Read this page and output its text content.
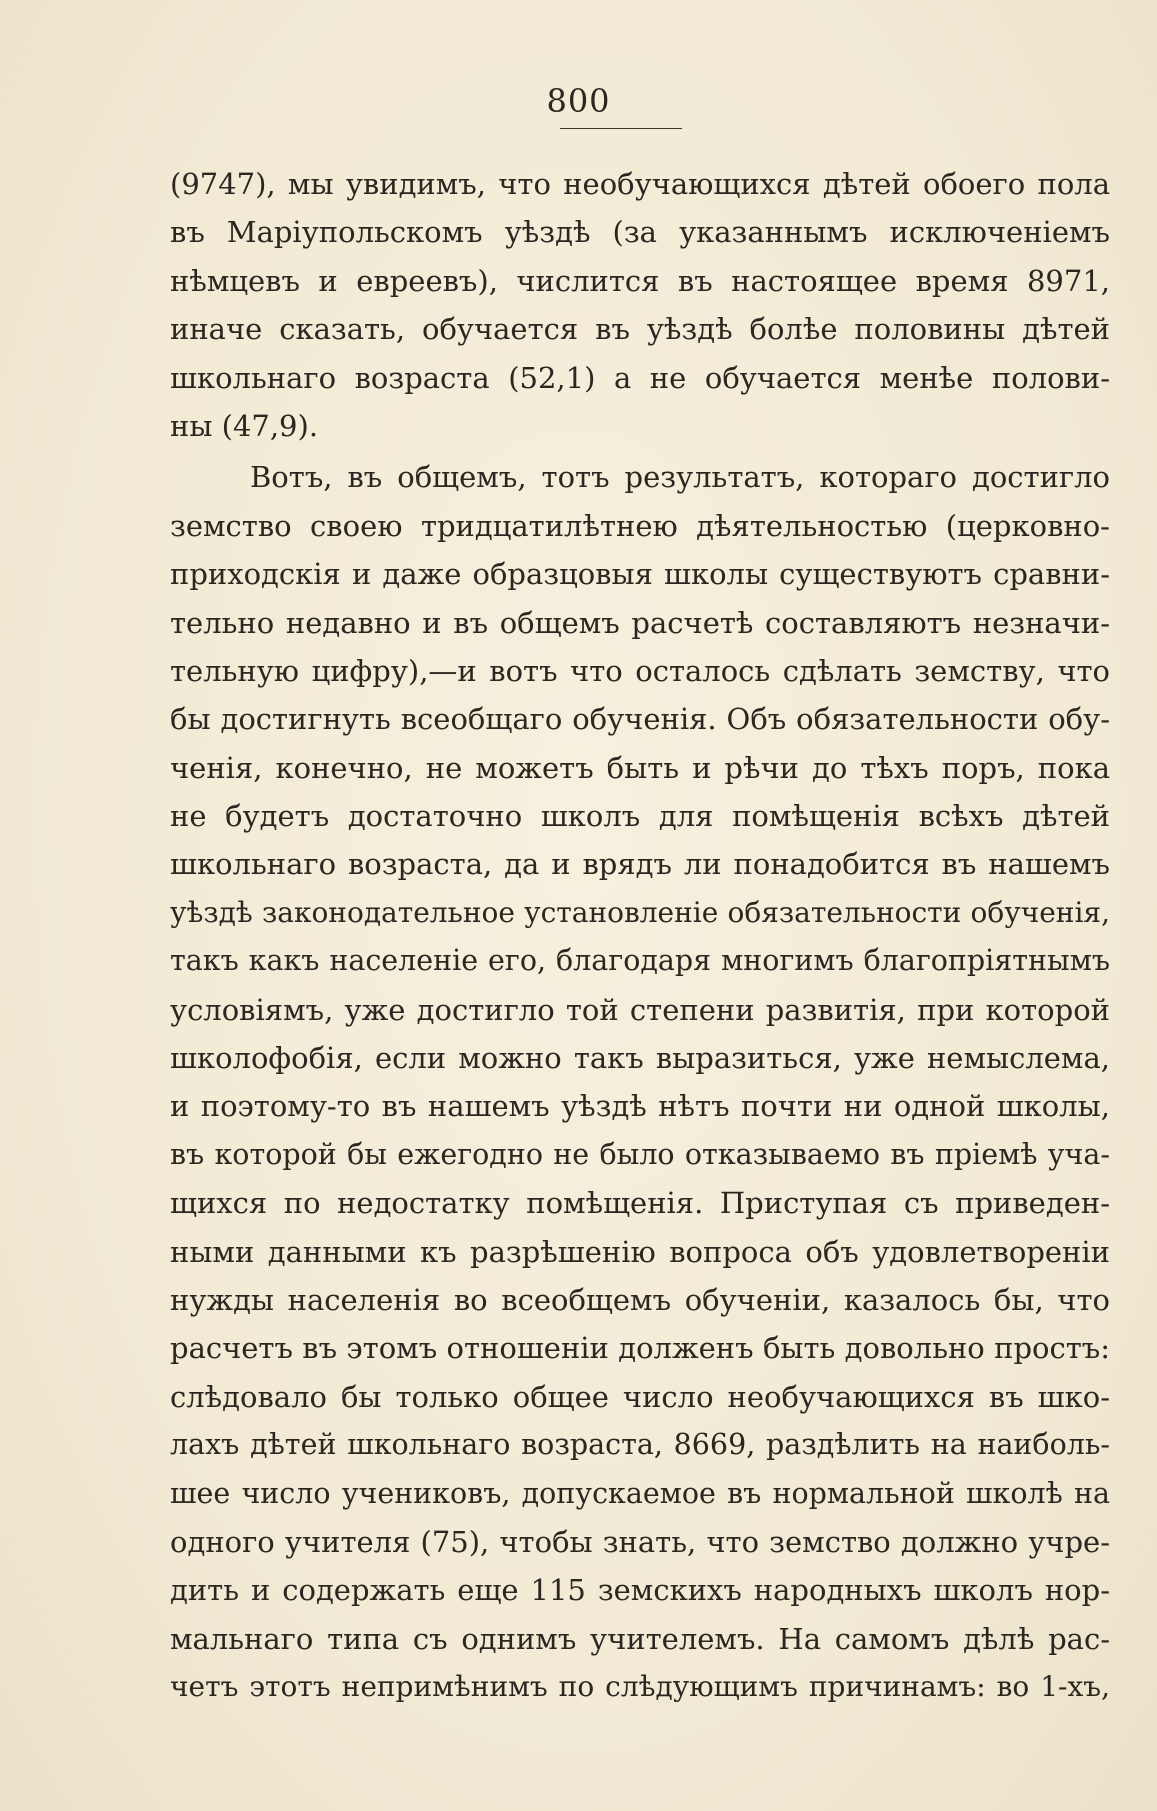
800
(9747), мы увидимъ, что необучающихся дѣтей обоего пола
въ Маріупольскомъ уѣздѣ (за указаннымъ исключеніемъ
нѣмцевъ и евреевъ), числится въ настоящее время 8971,
иначе сказать, обучается въ уѣздѣ болѣе половины дѣтей
школьнаго возраста (52,1) а не обучается менѣе полови-
ны (47,9).
Вотъ, въ общемъ, тотъ результатъ, котораго достигло
земство своею тридцатилѣтнею дѣятельностью (церковно-
приходскія и даже образцовыя школы существуютъ сравни-
тельно недавно и въ общемъ расчетѣ составляютъ незначи-
тельную цифру),—и вотъ что осталось сдѣлать земству, что
бы достигнуть всеобщаго обученія. Объ обязательности обу-
ченія, конечно, не можетъ быть и рѣчи до тѣхъ поръ, пока
не будетъ достаточно школъ для помѣщенія всѣхъ дѣтей
школьнаго возраста, да и врядъ ли понадобится въ нашемъ
уѣздѣ законодательное установленіе обязательности обученія,
такъ какъ населеніе его, благодаря многимъ благопріятнымъ
условіямъ, уже достигло той степени развитія, при которой
школофобія, если можно такъ выразиться, уже немыслема,
и поэтому-то въ нашемъ уѣздѣ нѣтъ почти ни одной школы,
въ которой бы ежегодно не было отказываемо въ пріемѣ уча-
щихся по недостатку помѣщенія. Приступая съ приведен-
ными данными къ разрѣшенію вопроса объ удовлетвореніи
нужды населенія во всеобщемъ обученіи, казалось бы, что
расчетъ въ этомъ отношеніи долженъ быть довольно простъ:
слѣдовало бы только общее число необучающихся въ шко-
лахъ дѣтей школьнаго возраста, 8669, раздѣлить на наиболь-
шее число учениковъ, допускаемое въ нормальной школѣ на
одного учителя (75), чтобы знать, что земство должно учре-
дить и содержать еще 115 земскихъ народныхъ школъ нор-
мальнаго типа съ однимъ учителемъ. На самомъ дѣлѣ рас-
четъ этотъ непримѣнимъ по слѣдующимъ причинамъ: во 1-хъ,
